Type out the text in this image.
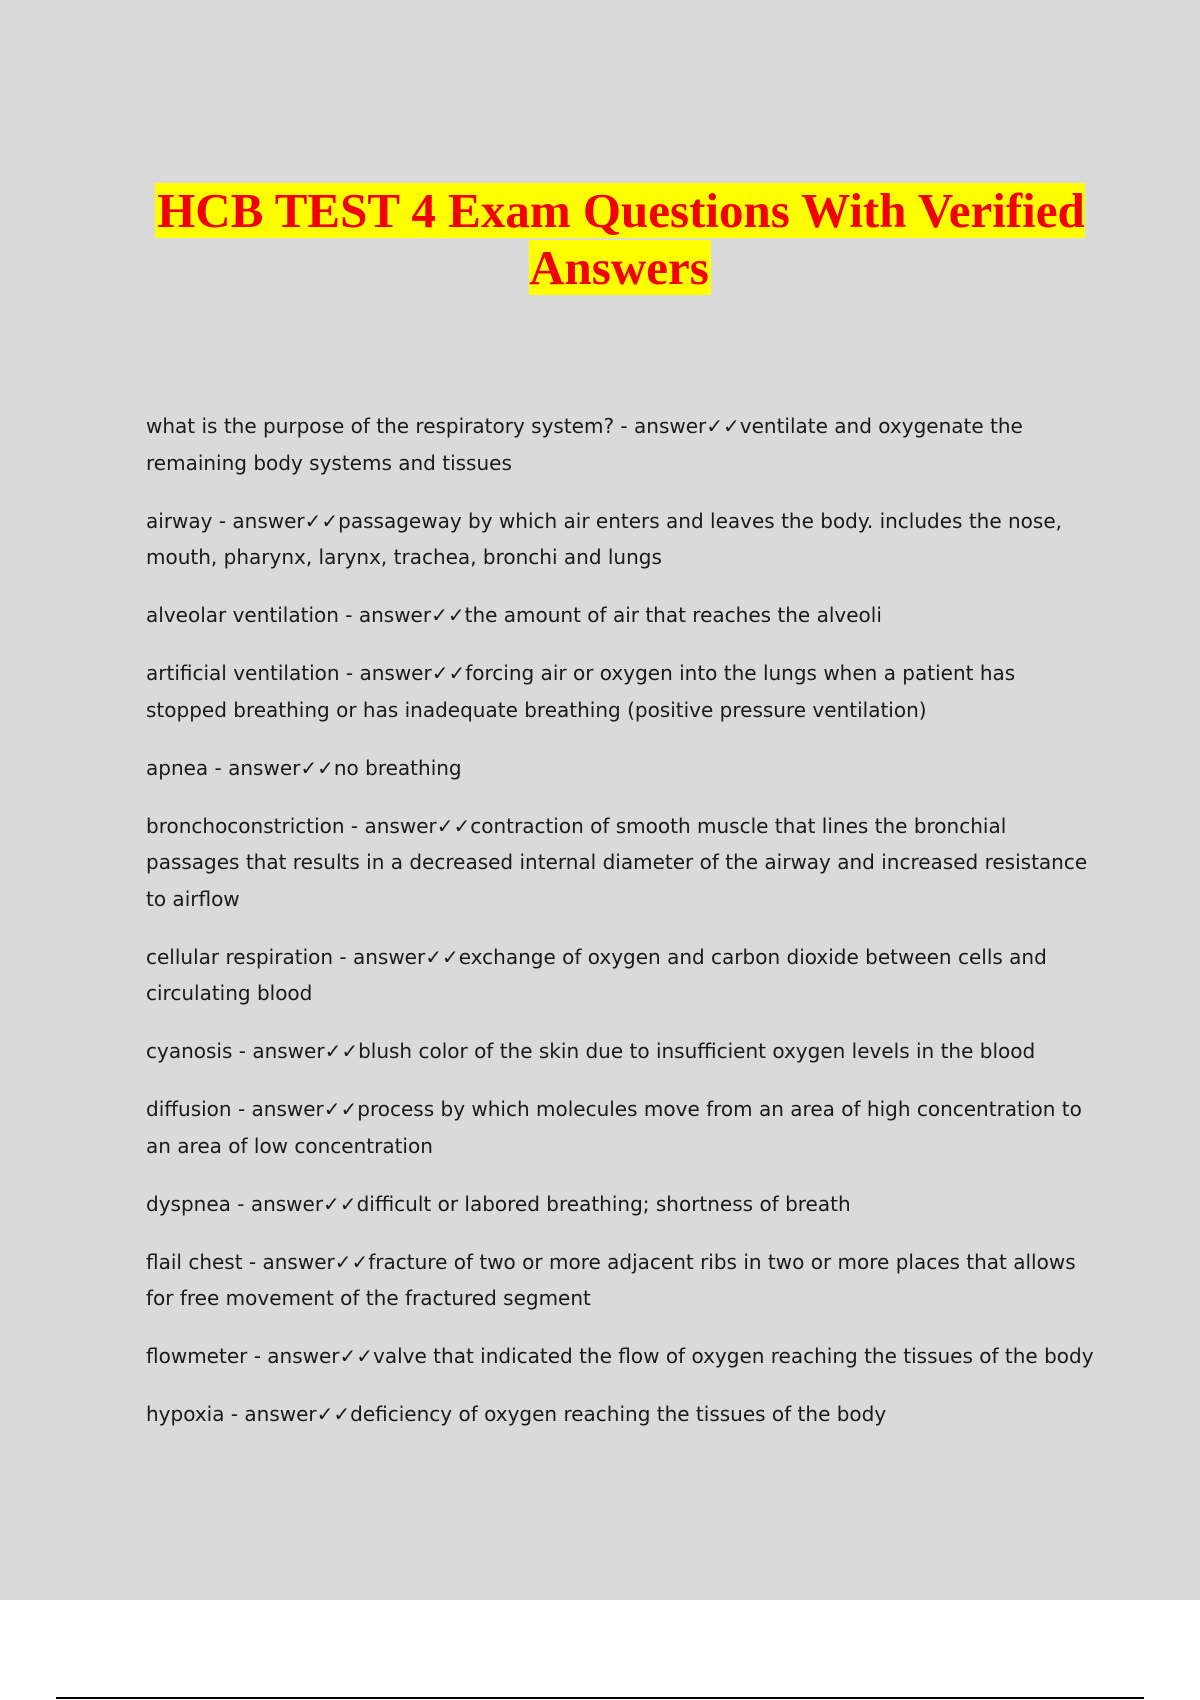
HCB TEST 4 Exam Questions With Verified Answers
what is the purpose of the respiratory system? - answer✓✓ventilate and oxygenate the remaining body systems and tissues
airway - answer✓✓passageway by which air enters and leaves the body. includes the nose, mouth, pharynx, larynx, trachea, bronchi and lungs
alveolar ventilation - answer✓✓the amount of air that reaches the alveoli
artificial ventilation - answer✓✓forcing air or oxygen into the lungs when a patient has stopped breathing or has inadequate breathing (positive pressure ventilation)
apnea - answer✓✓no breathing
bronchoconstriction - answer✓✓contraction of smooth muscle that lines the bronchial passages that results in a decreased internal diameter of the airway and increased resistance to airflow
cellular respiration - answer✓✓exchange of oxygen and carbon dioxide between cells and circulating blood
cyanosis - answer✓✓blush color of the skin due to insufficient oxygen levels in the blood
diffusion - answer✓✓process by which molecules move from an area of high concentration to an area of low concentration
dyspnea - answer✓✓difficult or labored breathing; shortness of breath
flail chest - answer✓✓fracture of two or more adjacent ribs in two or more places that allows for free movement of the fractured segment
flowmeter - answer✓✓valve that indicated the flow of oxygen reaching the tissues of the body
hypoxia - answer✓✓deficiency of oxygen reaching the tissues of the body
